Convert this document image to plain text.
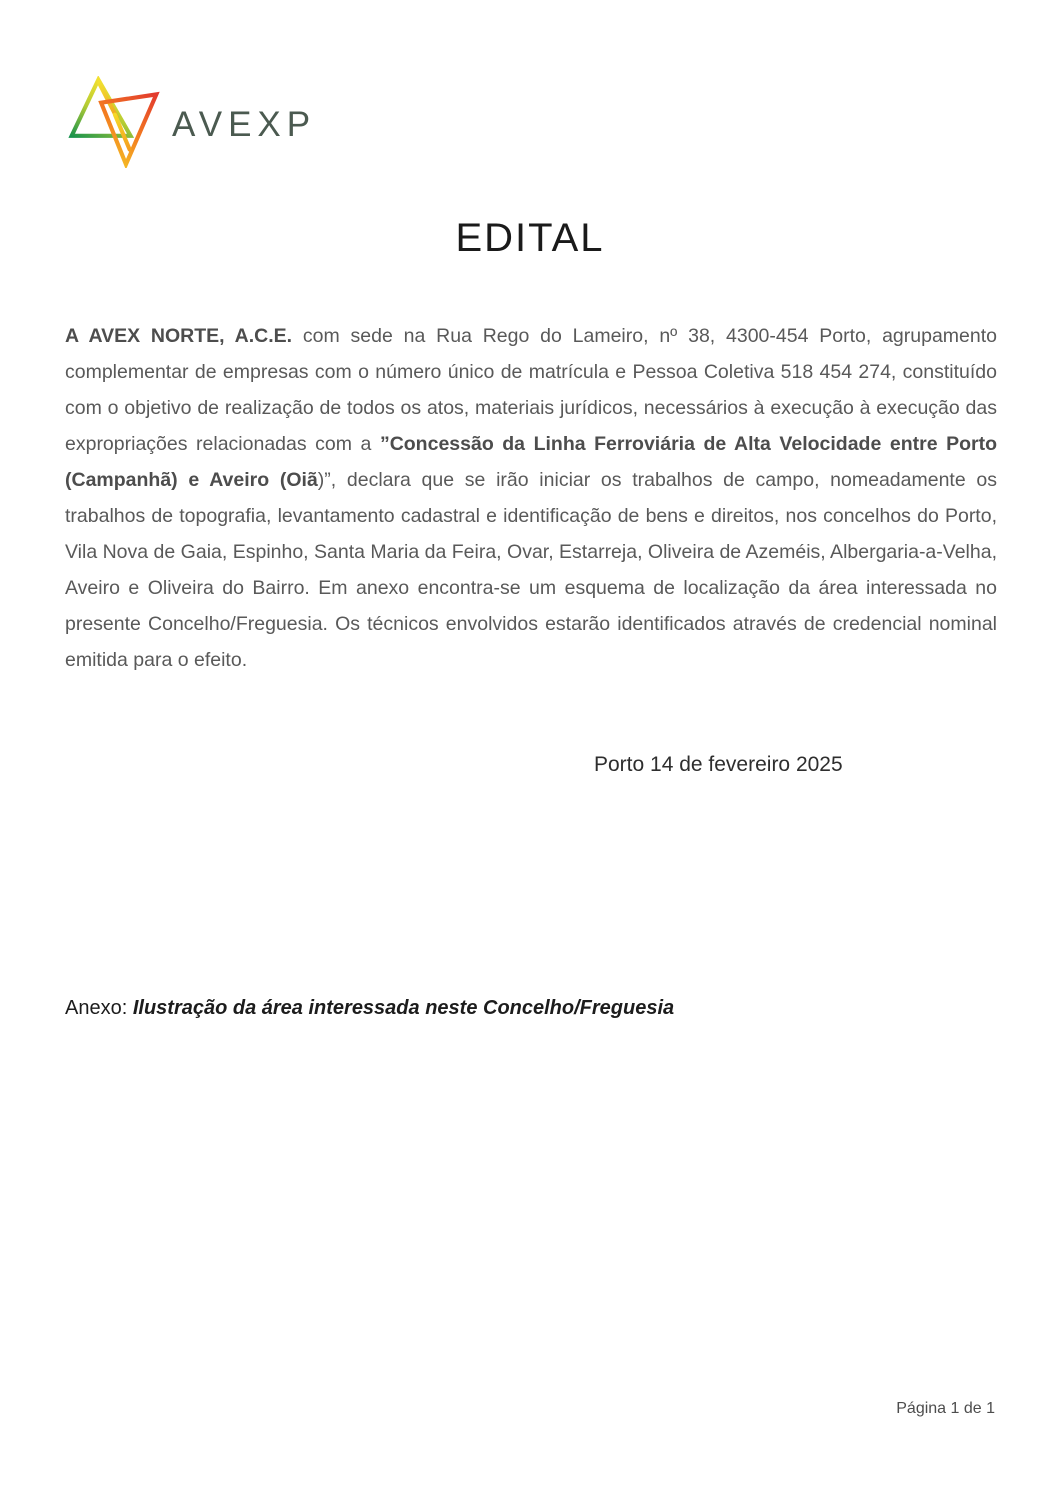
AVEXP
EDITAL
A AVEX NORTE, A.C.E. com sede na Rua Rego do Lameiro, nº 38, 4300-454 Porto, agrupamento complementar de empresas com o número único de matrícula e Pessoa Coletiva 518 454 274, constituído com o objetivo de realização de todos os atos, materiais jurídicos, necessários à execução à execução das expropriações relacionadas com a ”Concessão da Linha Ferroviária de Alta Velocidade entre Porto (Campanhã) e Aveiro (Oiã)”, declara que se irão iniciar os trabalhos de campo, nomeadamente os trabalhos de topografia, levantamento cadastral e identificação de bens e direitos, nos concelhos do Porto, Vila Nova de Gaia, Espinho, Santa Maria da Feira, Ovar, Estarreja, Oliveira de Azeméis, Albergaria-a-Velha, Aveiro e Oliveira do Bairro. Em anexo encontra-se um esquema de localização da área interessada no presente Concelho/Freguesia. Os técnicos envolvidos estarão identificados através de credencial nominal emitida para o efeito.
Porto 14 de fevereiro 2025
Anexo: Ilustração da área interessada neste Concelho/Freguesia
Página 1 de 1
